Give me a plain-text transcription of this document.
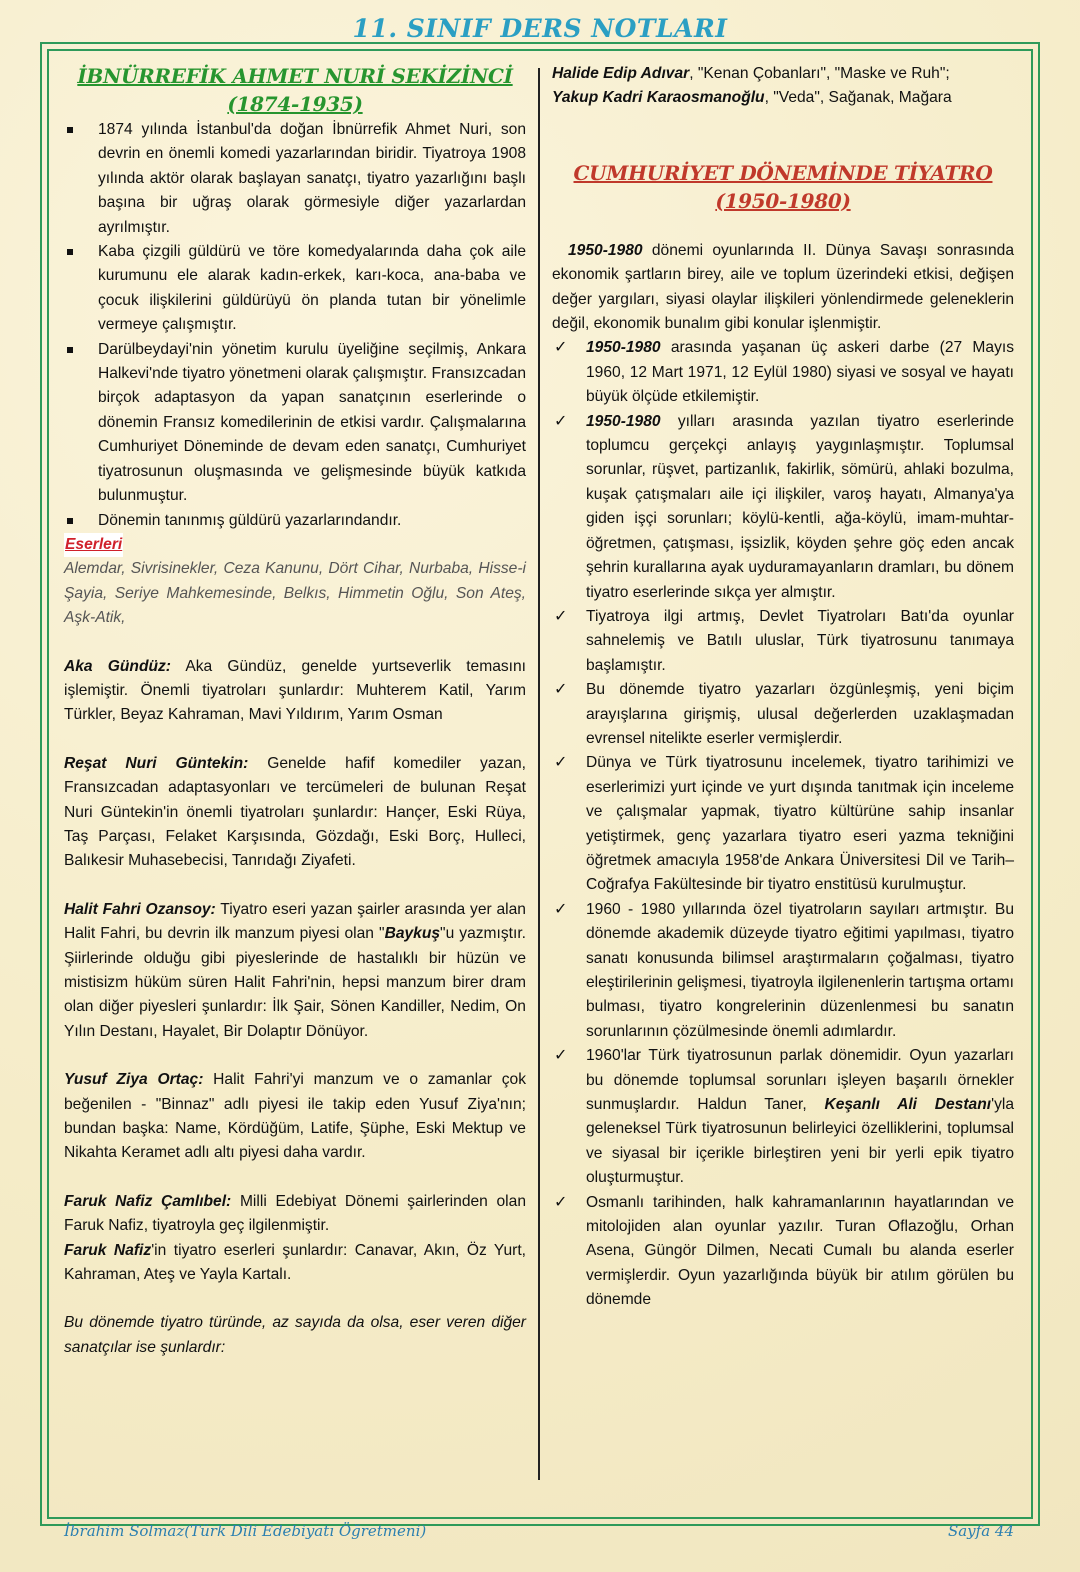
11. SINIF DERS NOTLARI
İBNÜRREFİK AHMET NURİ SEKİZİNCİ
(1874-1935)
1874 yılında İstanbul'da doğan İbnürrefik Ahmet Nuri, son devrin en önemli komedi yazarlarından biridir. Tiyatroya 1908 yılında aktör olarak başlayan sanatçı, tiyatro yazarlığını başlı başına bir uğraş olarak görmesiyle diğer yazarlardan ayrılmıştır.
Kaba çizgili güldürü ve töre komedyalarında daha çok aile kurumunu ele alarak kadın-erkek, karı-koca, ana-baba ve çocuk ilişkilerini güldürüyü ön planda tutan bir yönelimle vermeye çalışmıştır.
Darülbeydayi'nin yönetim kurulu üyeliğine seçilmiş, Ankara Halkevi'nde tiyatro yönetmeni olarak çalışmıştır. Fransızcadan birçok adaptasyon da yapan sanatçının eserlerinde o dönemin Fransız komedilerinin de etkisi vardır. Çalışmalarına Cumhuriyet Döneminde de devam eden sanatçı, Cumhuriyet tiyatrosunun oluşmasında ve gelişmesinde büyük katkıda bulunmuştur.
Dönemin tanınmış güldürü yazarlarındandır.
Eserleri

Alemdar, Sivrisinekler, Ceza Kanunu, Dört Cihar, Nurbaba, Hisse-i Şayia, Seriye Mahkemesinde, Belkıs, Himmetin Oğlu, Son Ateş, Aşk-Atik,

Aka Gündüz: Aka Gündüz, genelde yurtseverlik temasını işlemiştir. Önemli tiyatroları şunlardır: Muhterem Katil, Yarım Türkler, Beyaz Kahraman, Mavi Yıldırım, Yarım Osman

Reşat Nuri Güntekin: Genelde hafif komediler yazan, Fransızcadan adaptasyonları ve tercümeleri de bulunan Reşat Nuri Güntekin'in önemli tiyatroları şunlardır: Hançer, Eski Rüya, Taş Parçası, Felaket Karşısında, Gözdağı, Eski Borç, Hulleci, Balıkesir Muhasebecisi, Tanrıdağı Ziyafeti.

Halit Fahri Ozansoy: Tiyatro eseri yazan şairler arasında yer alan Halit Fahri, bu devrin ilk manzum piyesi olan "Baykuş"u yazmıştır. Şiirlerinde olduğu gibi piyeslerinde de hastalıklı bir hüzün ve mistisizm hüküm süren Halit Fahri'nin, hepsi manzum birer dram olan diğer piyesleri şunlardır: İlk Şair, Sönen Kandiller, Nedim, On Yılın Destanı, Hayalet, Bir Dolaptır Dönüyor.

Yusuf Ziya Ortaç: Halit Fahri'yi manzum ve o zamanlar çok beğenilen - "Binnaz" adlı piyesi ile takip eden Yusuf Ziya'nın; bundan başka: Name, Kördüğüm, Latife, Şüphe, Eski Mektup ve Nikahta Keramet adlı altı piyesi daha vardır.

Faruk Nafiz Çamlıbel: Milli Edebiyat Dönemi şairlerinden olan Faruk Nafiz, tiyatroyla geç ilgilenmiştir.

Faruk Nafiz'in tiyatro eserleri şunlardır: Canavar, Akın, Öz Yurt, Kahraman, Ateş ve Yayla Kartalı.

Bu dönemde tiyatro türünde, az sayıda da olsa, eser veren diğer sanatçılar ise şunlardır:

Halide Edip Adıvar, "Kenan Çobanları", "Maske ve Ruh";

Yakup Kadri Karaosmanoğlu, "Veda", Sağanak, Mağara

CUMHURİYET DÖNEMİNDE TİYATRO
(1950-1980)

1950-1980 dönemi oyunlarında II. Dünya Savaşı sonrasında ekonomik şartların birey, aile ve toplum üzerindeki etkisi, değişen değer yargıları, siyasi olaylar ilişkileri yönlendirmede geleneklerin değil, ekonomik bunalım gibi konular işlenmiştir.

✓ 1950-1980 arasında yaşanan üç askeri darbe (27 Mayıs 1960, 12 Mart 1971, 12 Eylül 1980) siyasi ve sosyal ve hayatı büyük ölçüde etkilemiştir.
✓ 1950-1980 yılları arasında yazılan tiyatro eserlerinde toplumcu gerçekçi anlayış yaygınlaşmıştır. Toplumsal sorunlar, rüşvet, partizanlık, fakirlik, sömürü, ahlaki bozulma, kuşak çatışmaları aile içi ilişkiler, varoş hayatı, Almanya'ya giden işçi sorunları; köylü-kentli, ağa-köylü, imam-muhtar-öğretmen, çatışması, işsizlik, köyden şehre göç eden ancak şehrin kurallarına ayak uyduramayanların dramları, bu dönem tiyatro eserlerinde sıkça yer almıştır.
✓ Tiyatroya ilgi artmış, Devlet Tiyatroları Batı'da oyunlar sahnelemiş ve Batılı uluslar, Türk tiyatrosunu tanımaya başlamıştır.
✓ Bu dönemde tiyatro yazarları özgünleşmiş, yeni biçim arayışlarına girişmiş, ulusal değerlerden uzaklaşmadan evrensel nitelikte eserler vermişlerdir.
✓ Dünya ve Türk tiyatrosunu incelemek, tiyatro tarihimizi ve eserlerimizi yurt içinde ve yurt dışında tanıtmak için inceleme ve çalışmalar yapmak, tiyatro kültürüne sahip insanlar yetiştirmek, genç yazarlara tiyatro eseri yazma tekniğini öğretmek amacıyla 1958'de Ankara Üniversitesi Dil ve Tarih–Coğrafya Fakültesinde bir tiyatro enstitüsü kurulmuştur.
✓ 1960 - 1980 yıllarında özel tiyatroların sayıları artmıştır. Bu dönemde akademik düzeyde tiyatro eğitimi yapılması, tiyatro sanatı konusunda bilimsel araştırmaların çoğalması, tiyatro eleştirilerinin gelişmesi, tiyatroyla ilgilenenlerin tartışma ortamı bulması, tiyatro kongrelerinin düzenlenmesi bu sanatın sorunlarının çözülmesinde önemli adımlardır.
✓ 1960'lar Türk tiyatrosunun parlak dönemidir. Oyun yazarları bu dönemde toplumsal sorunları işleyen başarılı örnekler sunmuşlardır. Haldun Taner, Keşanlı Ali Destanı'yla geleneksel Türk tiyatrosunun belirleyici özelliklerini, toplumsal ve siyasal bir içerikle birleştiren yeni bir yerli epik tiyatro oluşturmuştur.
✓ Osmanlı tarihinden, halk kahramanlarının hayatlarından ve mitolojiden alan oyunlar yazılır. Turan Oflazoğlu, Orhan Asena, Güngör Dilmen, Necati Cumalı bu alanda eserler vermişlerdir. Oyun yazarlığında büyük bir atılım görülen bu dönemde
İbrahim Solmaz(Türk Dili Edebiyatı Öğretmeni)	Sayfa 44
